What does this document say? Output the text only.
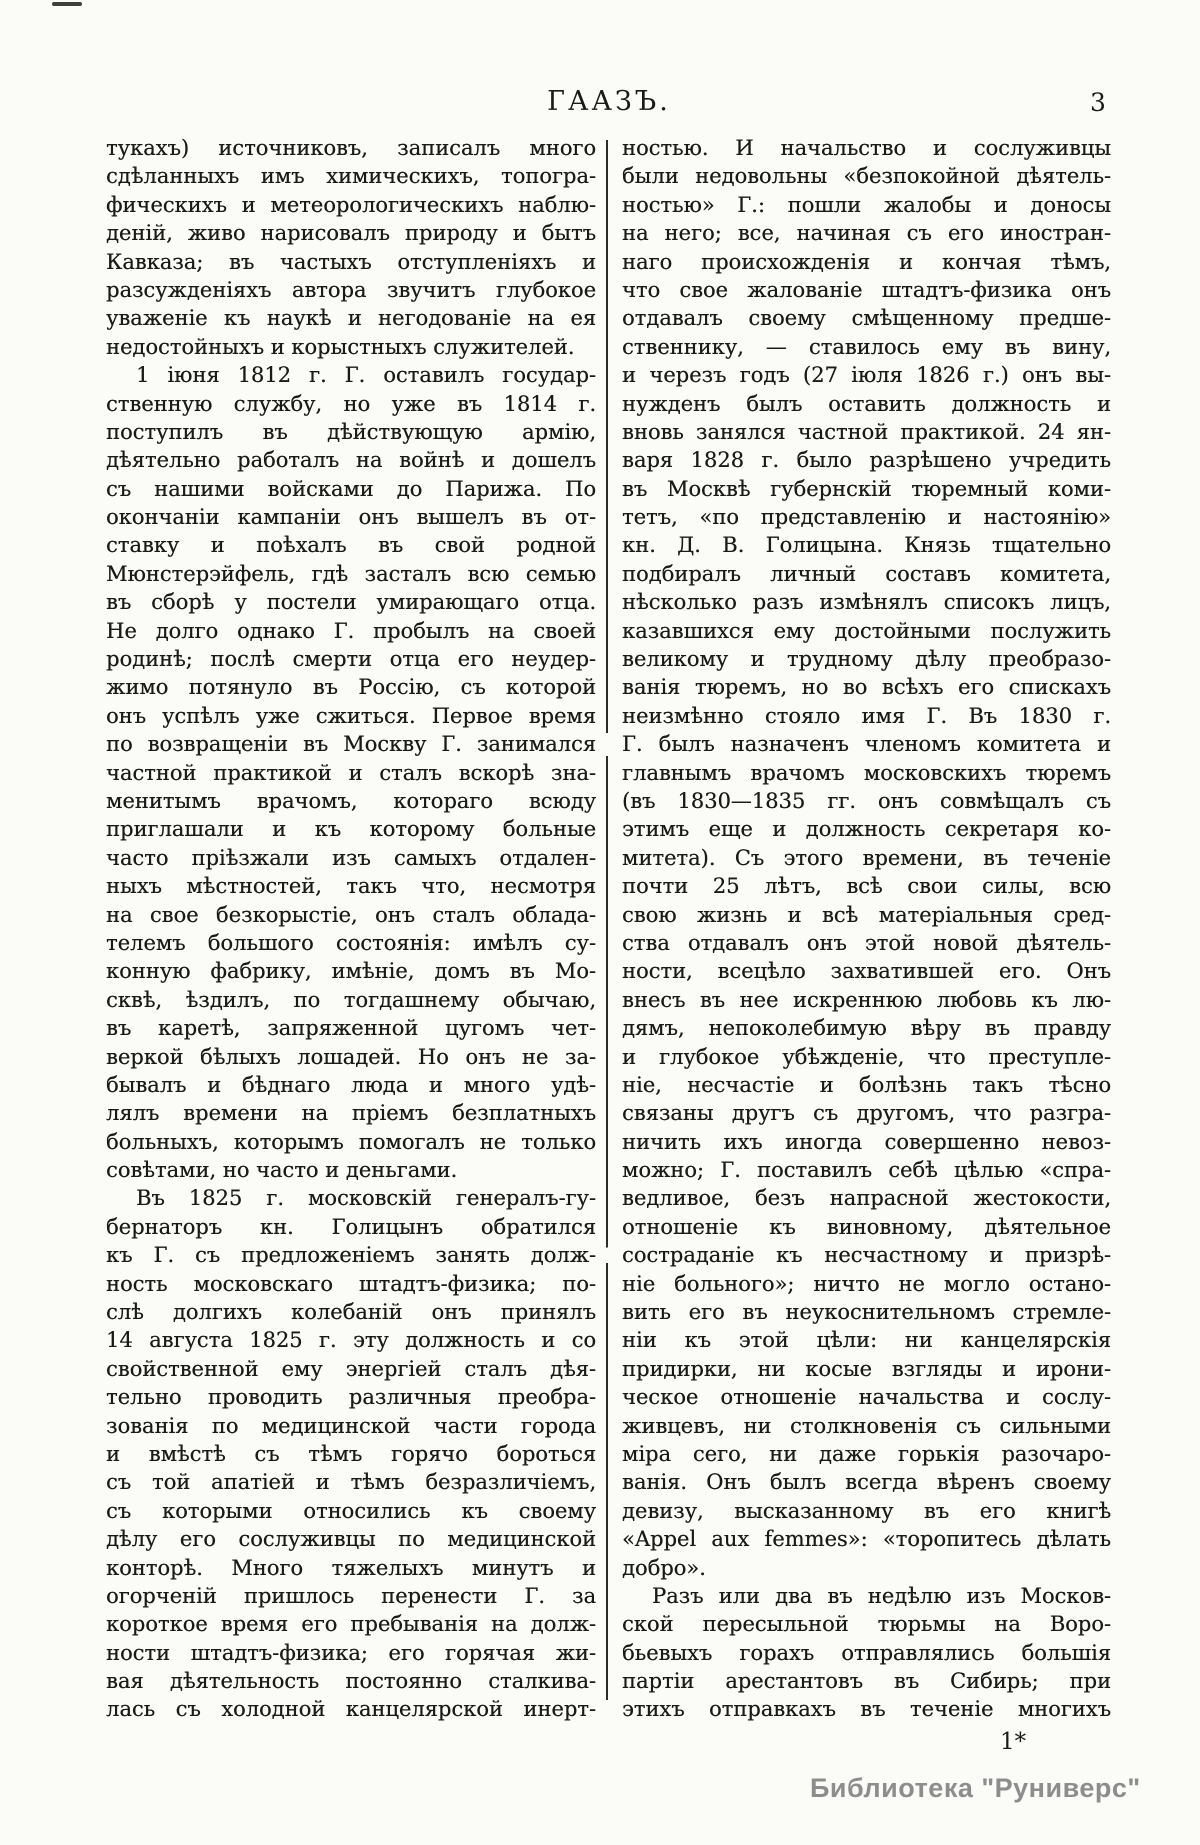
ГААЗЪ.	3
тукахъ) источниковъ, записалъ много
сдѣланныхъ имъ химическихъ, топогра-
фическихъ и метеорологическихъ наблю-
деній, живо нарисовалъ природу и бытъ
Кавказа; въ частыхъ отступленіяхъ и
разсужденіяхъ автора звучитъ глубокое
уваженіе къ наукѣ и негодованіе на ея
недостойныхъ и корыстныхъ служителей.
1 іюня 1812 г. Г. оставилъ государ-
ственную службу, но уже въ 1814 г.
поступилъ въ дѣйствующую армію,
дѣятельно работалъ на войнѣ и дошелъ
съ нашими войсками до Парижа. По
окончаніи кампаніи онъ вышелъ въ от-
ставку и поѣхалъ въ свой родной
Мюнстерэйфель, гдѣ засталъ всю семью
въ сборѣ у постели умирающаго отца.
Не долго однако Г. пробылъ на своей
родинѣ; послѣ смерти отца его неудер-
жимо потянуло въ Россію, съ которой
онъ успѣлъ уже сжиться. Первое время
по возвращеніи въ Москву Г. занимался
частной практикой и сталъ вскорѣ зна-
менитымъ врачомъ, котораго всюду
приглашали и къ которому больные
часто пріѣзжали изъ самыхъ отдален-
ныхъ мѣстностей, такъ что, несмотря
на свое безкорыстіе, онъ сталъ облада-
телемъ большого состоянія: имѣлъ су-
конную фабрику, имѣніе, домъ въ Мо-
сквѣ, ѣздилъ, по тогдашнему обычаю,
въ каретѣ, запряженной цугомъ чет-
веркой бѣлыхъ лошадей. Но онъ не за-
бывалъ и бѣднаго люда и много удѣ-
лялъ времени на пріемъ безплатныхъ
больныхъ, которымъ помогалъ не только
совѣтами, но часто и деньгами.
Въ 1825 г. московскій генералъ-гу-
бернаторъ кн. Голицынъ обратился
къ Г. съ предложеніемъ занять долж-
ность московскаго штадтъ-физика; по-
слѣ долгихъ колебаній онъ принялъ
14 августа 1825 г. эту должность и со
свойственной ему энергіей сталъ дѣя-
тельно проводить различныя преобра-
зованія по медицинской части города
и вмѣстѣ съ тѣмъ горячо бороться
съ той апатіей и тѣмъ безразличіемъ,
съ которыми относились къ своему
дѣлу его сослуживцы по медицинской
конторѣ. Много тяжелыхъ минутъ и
огорченій пришлось перенести Г. за
короткое время его пребыванія на долж-
ности штадтъ-физика; его горячая жи-
вая дѣятельность постоянно сталкива-
лась съ холодной канцелярской инерт-
ностью. И начальство и сослуживцы
были недовольны «безпокойной дѣятель-
ностью» Г.: пошли жалобы и доносы
на него; все, начиная съ его иностран-
наго происхожденія и кончая тѣмъ,
что свое жалованіе штадтъ-физика онъ
отдавалъ своему смѣщенному предше-
ственнику, — ставилось ему въ вину,
и черезъ годъ (27 іюля 1826 г.) онъ вы-
нужденъ былъ оставить должность и
вновь занялся частной практикой. 24 ян-
варя 1828 г. было разрѣшено учредить
въ Москвѣ губернскій тюремный коми-
тетъ, «по представленію и настоянію»
кн. Д. В. Голицына. Князь тщательно
подбиралъ личный составъ комитета,
нѣсколько разъ измѣнялъ списокъ лицъ,
казавшихся ему достойными послужить
великому и трудному дѣлу преобразо-
ванія тюремъ, но во всѣхъ его спискахъ
неизмѣнно стояло имя Г. Въ 1830 г.
Г. былъ назначенъ членомъ комитета и
главнымъ врачомъ московскихъ тюремъ
(въ 1830—1835 гг. онъ совмѣщалъ съ
этимъ еще и должность секретаря ко-
митета). Съ этого времени, въ теченіе
почти 25 лѣтъ, всѣ свои силы, всю
свою жизнь и всѣ матеріальныя сред-
ства отдавалъ онъ этой новой дѣятель-
ности, всецѣло захватившей его. Онъ
внесъ въ нее искреннюю любовь къ лю-
дямъ, непоколебимую вѣру въ правду
и глубокое убѣжденіе, что преступле-
ніе, несчастіе и болѣзнь такъ тѣсно
связаны другъ съ другомъ, что разгра-
ничить ихъ иногда совершенно невоз-
можно; Г. поставилъ себѣ цѣлью «спра-
ведливое, безъ напрасной жестокости,
отношеніе къ виновному, дѣятельное
состраданіе къ несчастному и призрѣ-
ніе больного»; ничто не могло остано-
вить его въ неукоснительномъ стремле-
ніи къ этой цѣли: ни канцелярскія
придирки, ни косые взгляды и ирони-
ческое отношеніе начальства и сослу-
живцевъ, ни столкновенія съ сильными
міра сего, ни даже горькія разочаро-
ванія. Онъ былъ всегда вѣренъ своему
девизу, высказанному въ его книгѣ
«Appel aux femmes»: «торопитесь дѣлать
добро».
Разъ или два въ недѣлю изъ Москов-
ской пересыльной тюрьмы на Воро-
бьевыхъ горахъ отправлялись большія
партіи арестантовъ въ Сибирь; при
этихъ отправкахъ въ теченіе многихъ
1*
Библиотека "Руниверс"
